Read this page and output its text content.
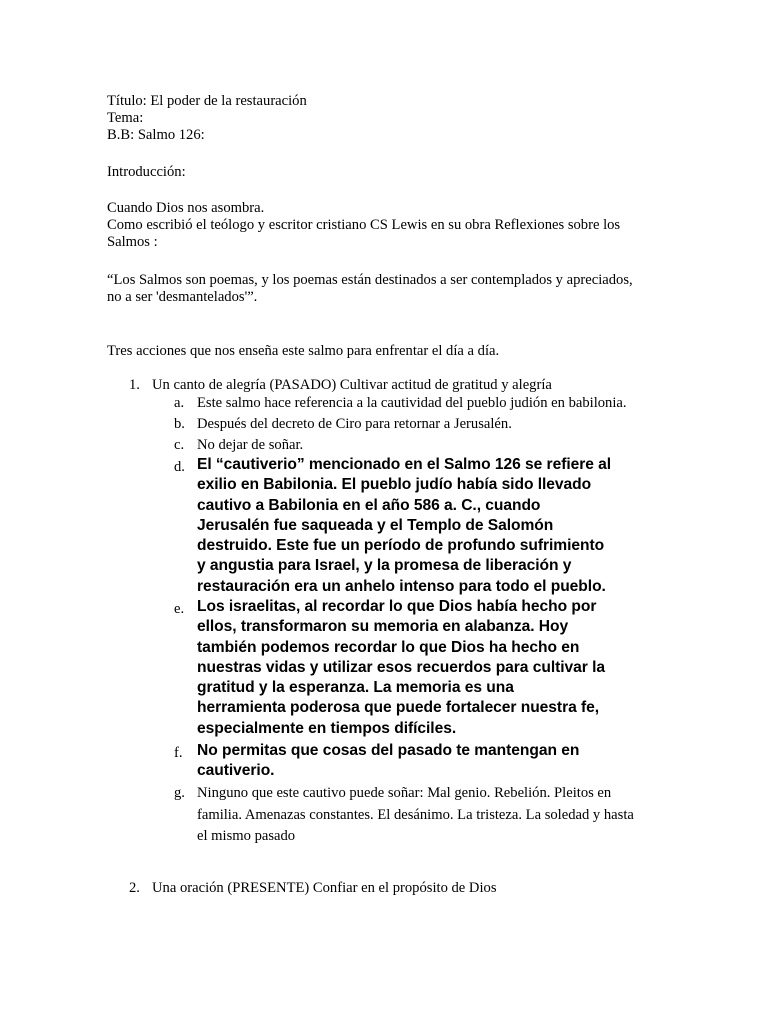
Título: El poder de la restauración
Tema:
B.B: Salmo 126:
Introducción:
Cuando Dios nos asombra.
Como escribió el teólogo y escritor cristiano CS Lewis en su obra Reflexiones sobre los
Salmos :
“Los Salmos son poemas, y los poemas están destinados a ser contemplados y apreciados,
no a ser 'desmantelados'”.
Tres acciones que nos enseña este salmo para enfrentar el día a día.
1. Un canto de alegría (PASADO) Cultivar actitud de gratitud y alegría
a. Este salmo hace referencia a la cautividad del pueblo judión en babilonia.
b. Después del decreto de Ciro para retornar a Jerusalén.
c. No dejar de soñar.
d. El “cautiverio” mencionado en el Salmo 126 se refiere al
exilio en Babilonia. El pueblo judío había sido llevado
cautivo a Babilonia en el año 586 a. C., cuando
Jerusalén fue saqueada y el Templo de Salomón
destruido. Este fue un período de profundo sufrimiento
y angustia para Israel, y la promesa de liberación y
restauración era un anhelo intenso para todo el pueblo.
e. Los israelitas, al recordar lo que Dios había hecho por
ellos, transformaron su memoria en alabanza. Hoy
también podemos recordar lo que Dios ha hecho en
nuestras vidas y utilizar esos recuerdos para cultivar la
gratitud y la esperanza. La memoria es una
herramienta poderosa que puede fortalecer nuestra fe,
especialmente en tiempos difíciles.
f. No permitas que cosas del pasado te mantengan en
cautiverio.
g. Ninguno que este cautivo puede soñar: Mal genio. Rebelión. Pleitos en
familia. Amenazas constantes. El desánimo. La tristeza. La soledad y hasta
el mismo pasado
2. Una oración (PRESENTE) Confiar en el propósito de Dios
